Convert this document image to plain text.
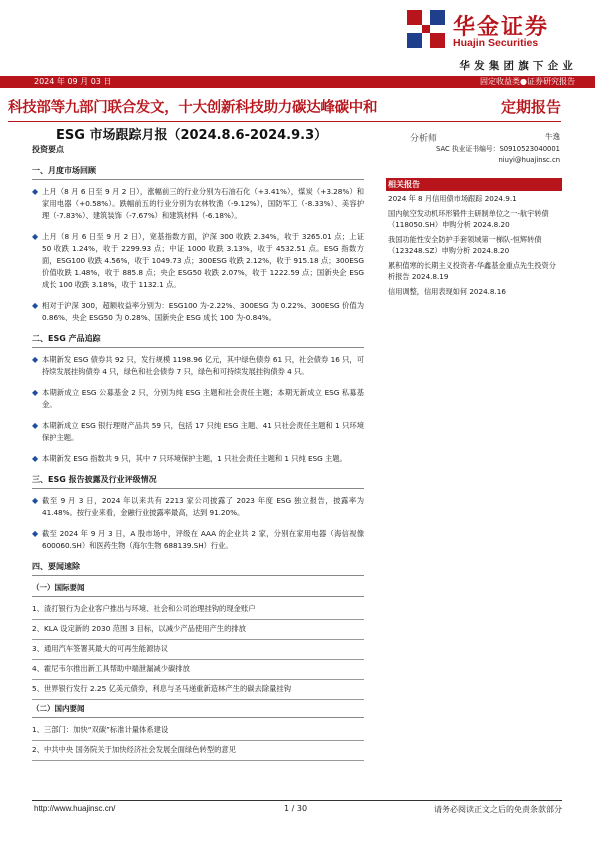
华金证券
Huajin Securities
华发集团旗下企业
2024 年 09 月 03 日	固定收益类●证券研究报告
科技部等九部门联合发文，十大创新科技助力碳达峰碳中和	定期报告
ESG 市场跟踪月报（2024.8.6-2024.9.3）
投资要点
一、月度市场回顾
◆ 上月（8 月 6 日至 9 月 2 日），涨幅前三的行业分别为石油石化（+3.41%），煤炭（+3.28%）和家用电器（+0.58%）。跌幅前五的行业分别为农林牧渔（-9.12%），国防军工（-8.33%）、美容护理（-7.83%）、建筑装饰（-7.67%）和建筑材料（-6.18%）。
◆ 上月（8 月 6 日至 9 月 2 日），宽基指数方面，沪深 300 收跌 2.34%，收于 3265.01 点；上证 50 收跌 1.24%，收于 2299.93 点；中证 1000 收跌 3.13%，收于 4532.51 点。ESG 指数方面，ESG100 收跌 4.56%，收于 1049.73 点；300ESG 收跌 2.12%，收于 915.18 点；300ESG 价值收跌 1.48%，收于 885.8 点；央企 ESG50 收跌 2.07%，收于 1222.59 点；国新央企 ESG 成长 100 收跌 3.18%，收于 1132.1 点。
◆ 相对于沪深 300，超额收益率分别为：ESG100 为-2.22%、300ESG 为 0.22%、300ESG 价值为 0.86%、央企 ESG50 为 0.28%、国新央企 ESG 成长 100 为-0.84%。
二、ESG 产品追踪
◆ 本期新发 ESG 债券共 92 只，发行规模 1198.96 亿元，其中绿色债券 61 只，社会债券 16 只，可持续发展挂钩债券 4 只，绿色和社会债券 7 只，绿色和可持续发展挂钩债券 4 只。
◆ 本期新成立 ESG 公募基金 2 只，分别为纯 ESG 主题和社会责任主题；本期无新成立 ESG 私募基金。
◆ 本期新成立 ESG 银行理财产品共 59 只，包括 17 只纯 ESG 主题、41 只社会责任主题和 1 只环境保护主题。
◆ 本期新发 ESG 指数共 9 只，其中 7 只环境保护主题，1 只社会责任主题和 1 只纯 ESG 主题。
三、ESG 报告披露及行业评级情况
◆ 截至 9 月 3 日，2024 年以来共有 2213 家公司披露了 2023 年度 ESG 独立报告，披露率为 41.48%。按行业来看，金融行业披露率最高，达到 91.20%。
◆ 截至 2024 年 9 月 3 日，A 股市场中，评级在 AAA 的企业共 2 家，分别在家用电器（海信视像 600060.SH）和医药生物（海尔生物 688139.SH）行业。
四、要闻速除
（一）国际要闻
1、渣打银行为企业客户推出与环境、社会和公司治理挂钩的现金账户
2、KLA 设定新的 2030 范围 3 目标，以减少产品使用产生的排放
3、通用汽车签署其最大的可再生能源协议
4、霍尼韦尔推出新工具帮助中端泄漏减少碳排放
5、世界银行发行 2.25 亿美元债券，利息与圣马递重新造林产生的碳去除量挂钩
（二）国内要闻
1、三部门：加快“双碳”标准计量体系建设
2、中共中央 国务院关于加快经济社会发展全面绿色转型的意见
分析师	牛逸
SAC 执业证书编号：S0910523040001
niuyi@huajinsc.cn
相关报告
2024 年 8 月信用债市场跟踪 2024.9.1
国内航空发动机环形锻件主研制单位之一-航宇转债（118050.SH）申购分析 2024.8.20
我国功能性安全防护手套领域第一梯队-恒辉转债（123248.SZ）申购分析 2024.8.20
累积值寒的长期主义投资者-华鑫基金重点先生投资分析报告 2024.8.19
信用调整，信用表现如何 2024.8.16
http://www.huajinsc.cn/	1 / 30	请务必阅读正文之后的免责条款部分
